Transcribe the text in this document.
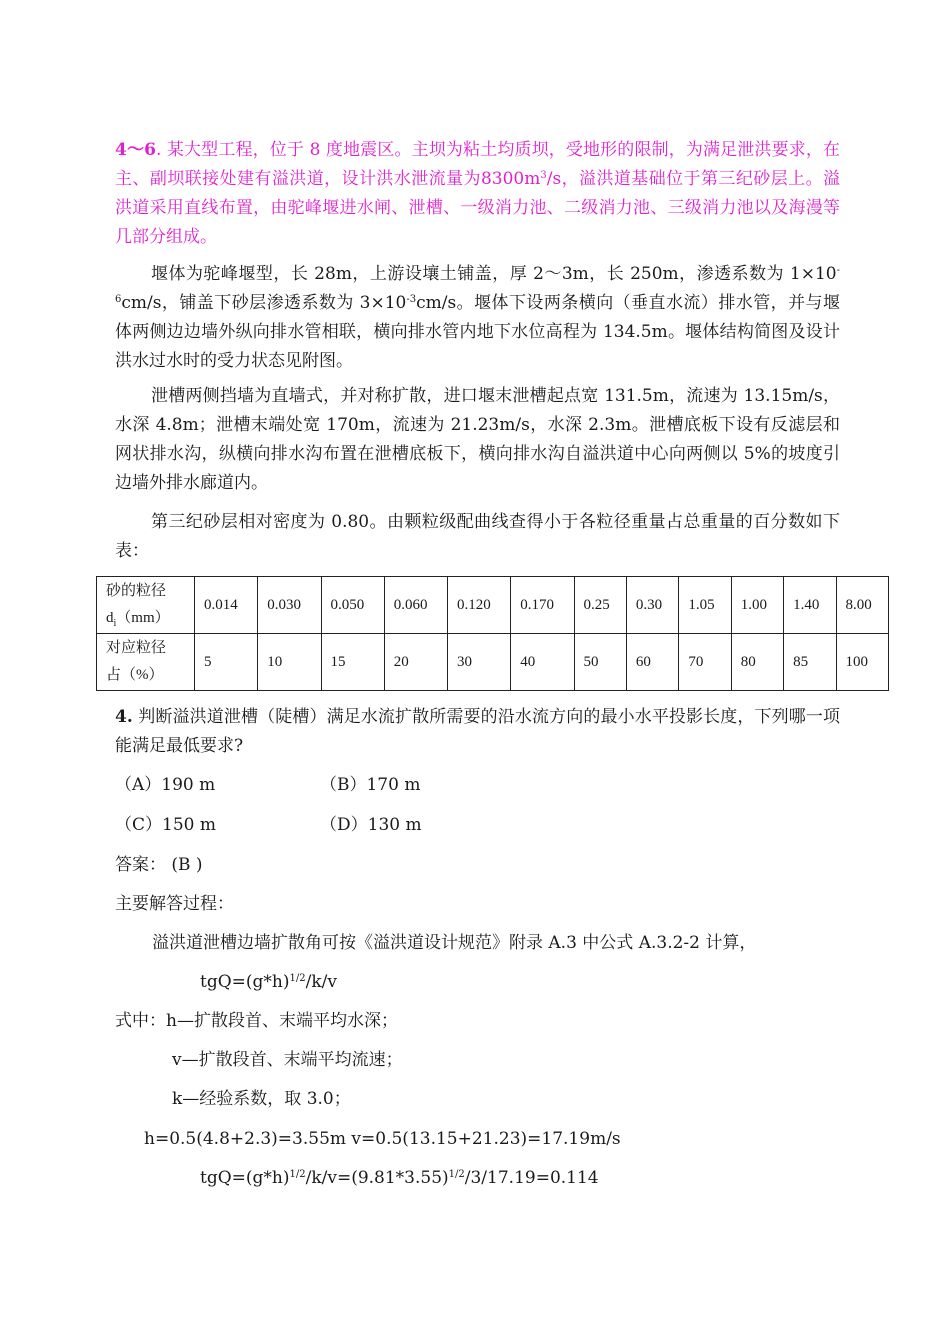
4～6. 某大型工程，位于 8 度地震区。主坝为粘土均质坝，受地形的限制，为满足泄洪要求，在主、副坝联接处建有溢洪道，设计洪水泄流量为$8300m^3/s$，溢洪道基础位于第三纪砂层上。溢洪道采用直线布置，由驼峰堰进水闸、泄槽、一级消力池、二级消力池、三级消力池以及海漫等几部分组成。

堰体为驼峰堰型，长 28m，上游设壤土铺盖，厚 2～3m，长 250m，渗透系数为 $1\times 10^{-6}cm/s$，铺盖下砂层渗透系数为 $3\times 10^{-3}cm/s$。堰体下设两条横向（垂直水流）排水管，并与堰体两侧边边墙外纵向排水管相联，横向排水管内地下水位高程为 134.5m。堰体结构简图及设计洪水过水时的受力状态见附图。

泄槽两侧挡墙为直墙式，并对称扩散，进口堰末泄槽起点宽 131.5m，流速为 13.15m/s，水深 4.8m；泄槽末端处宽 170m，流速为 21.23m/s，水深 2.3m。泄槽底板下设有反滤层和网状排水沟，纵横向排水沟布置在泄槽底板下，横向排水沟自溢洪道中心向两侧以 5%的坡度引边墙外排水廊道内。

第三纪砂层相对密度为 0.80。由颗粒级配曲线查得小于各粒径重量占总重量的百分数如下表：

砂的粒径
$d_i(mm)$	0.014	0.030	0.050	0.060	0.120	0.170	0.25	0.30	1.05	1.00	1.40	8.00
对应粒径
占（%）	5	10	15	20	30	40	50	60	70	80	85	100

4. 判断溢洪道泄槽（陡槽）满足水流扩散所需要的沿水流方向的最小水平投影长度，下列哪一项能满足最低要求?

（A）190 m	（B）170 m
（C）150 m	（D）130 m
答案： (B )
主要解答过程：
溢洪道泄槽边墙扩散角可按《溢洪道设计规范》附录 A.3 中公式 A.3.2-2 计算，
$tgQ=(g*h)^{1/2}/k/v$
式中：h—扩散段首、末端平均水深；
v—扩散段首、末端平均流速；
k—经验系数，取 3.0；
h=0.5(4.8+2.3)=3.55m v=0.5(13.15+21.23)=17.19m/s
$tgQ=(g*h)^{1/2}/k/v=(9.81*3.55)^{1/2}/3/17.19=0.114$
